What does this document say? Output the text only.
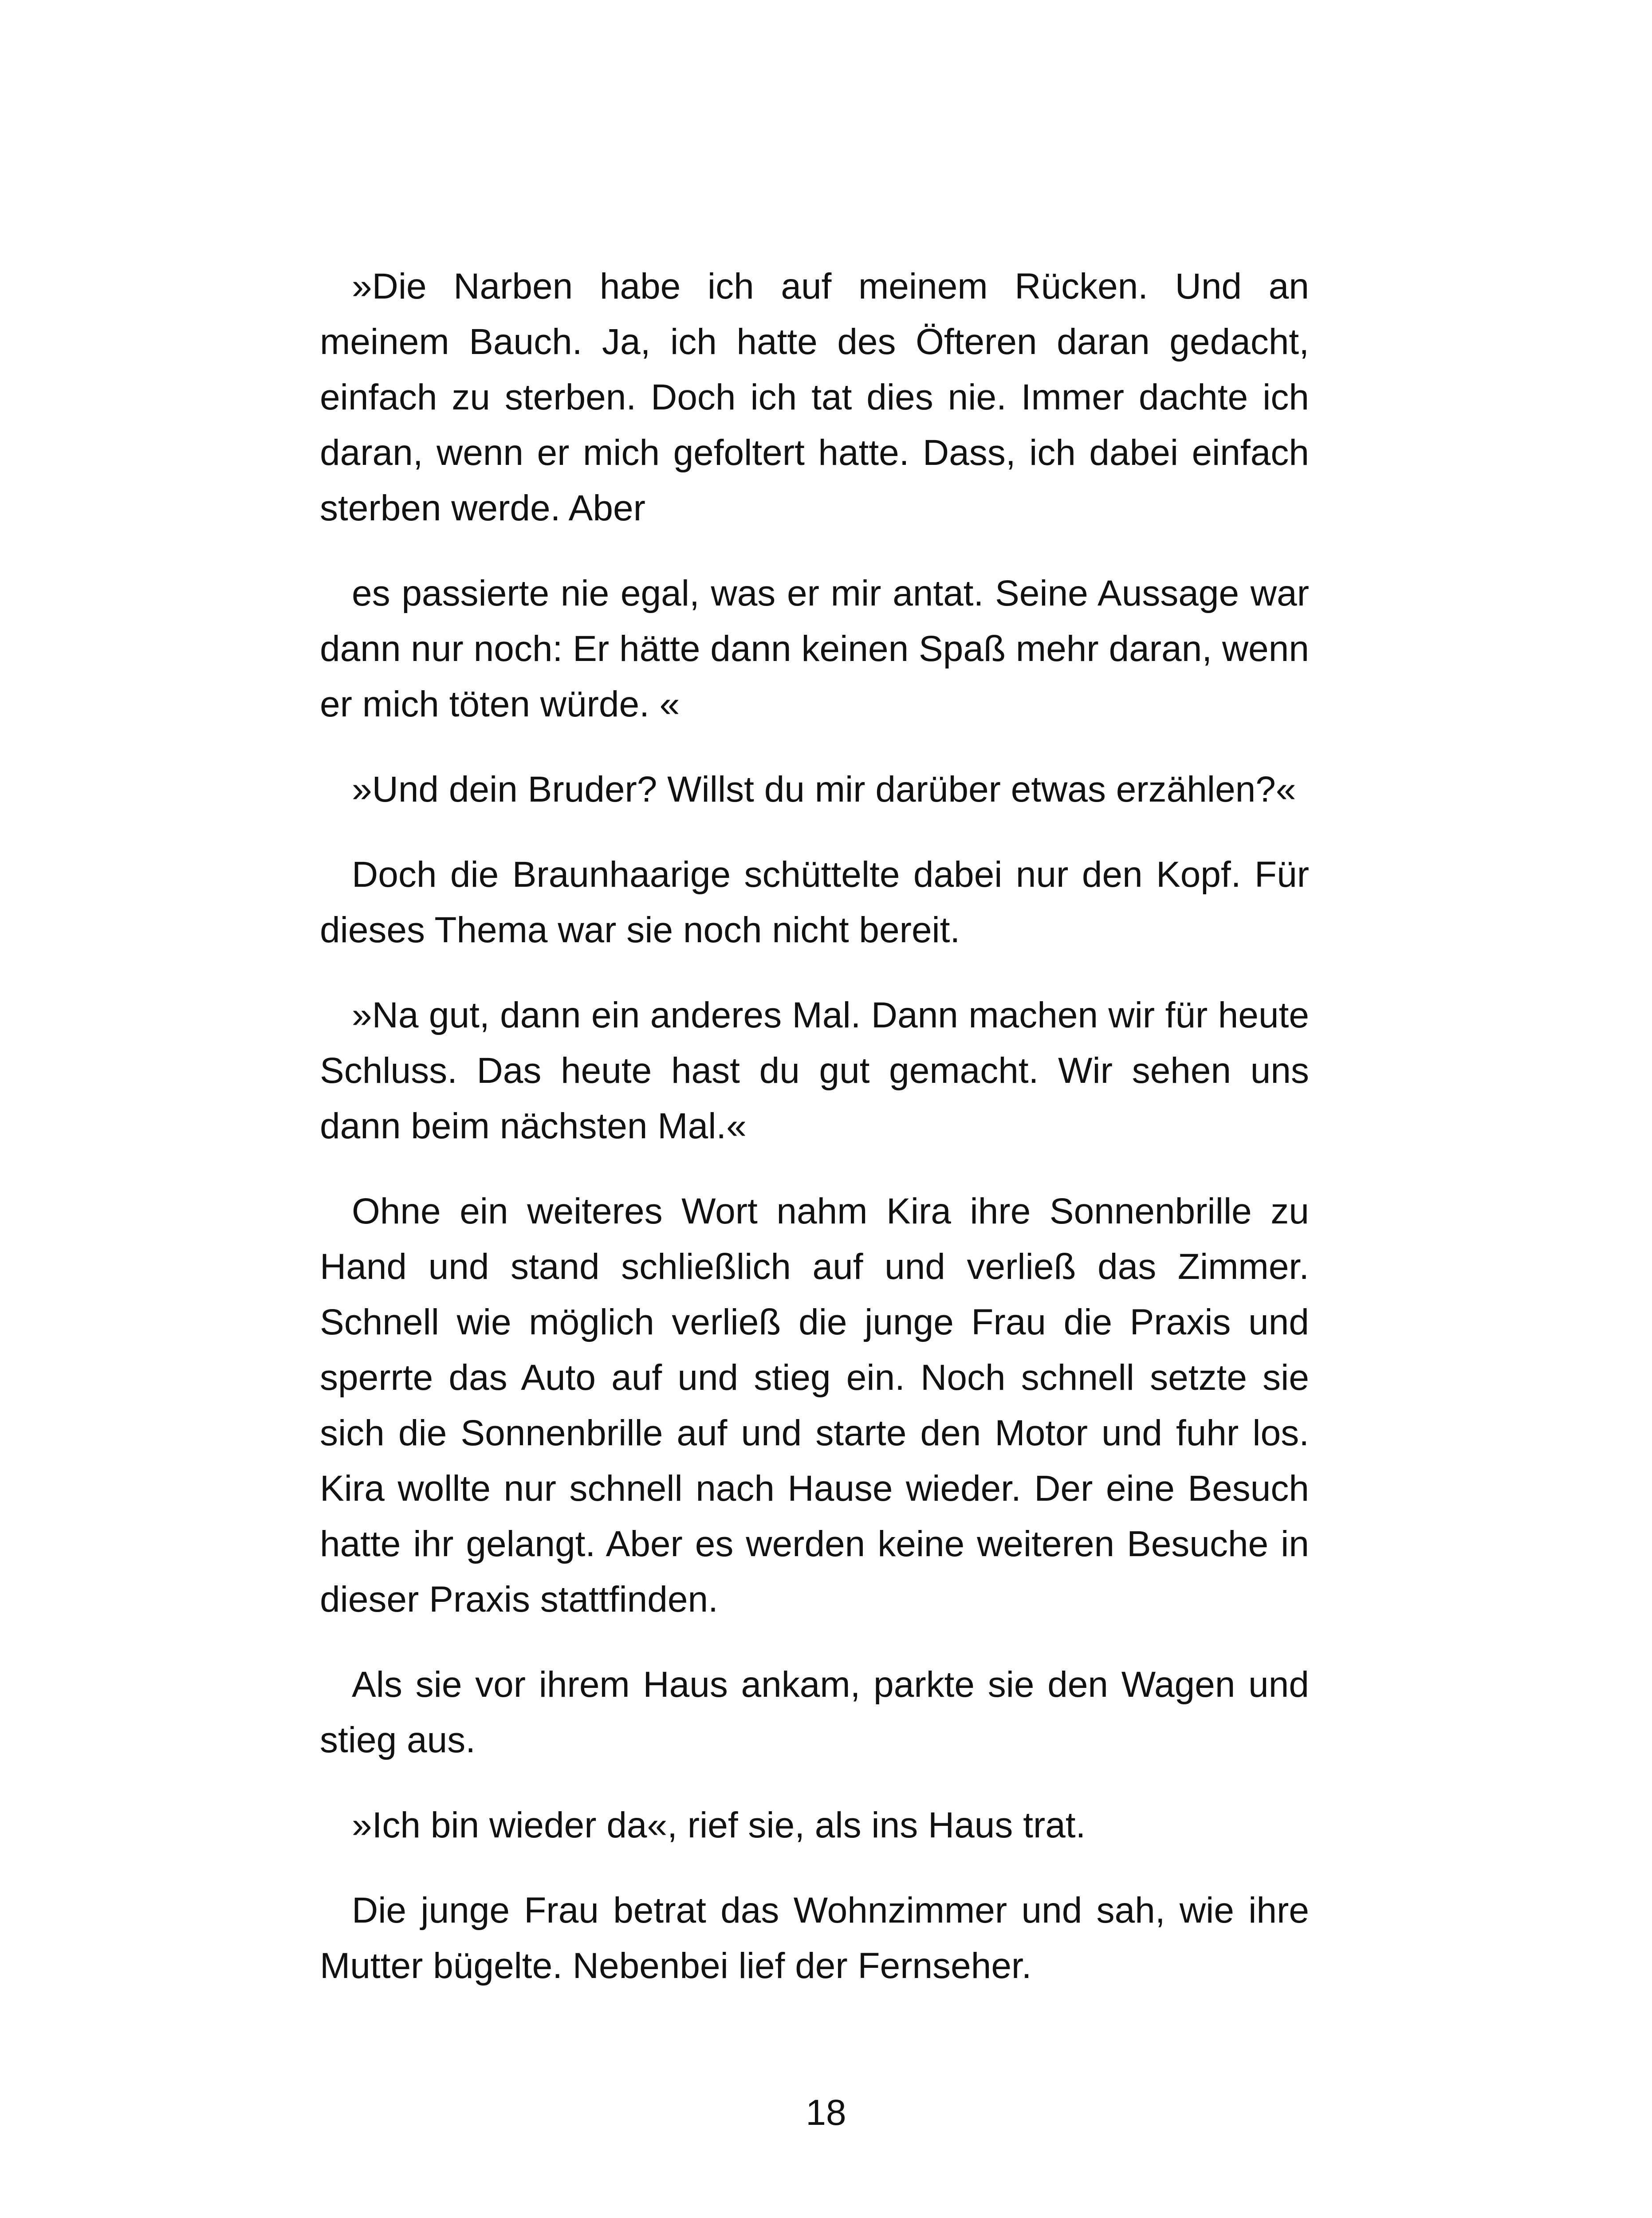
»Die Narben habe ich auf meinem Rücken. Und an meinem Bauch. Ja, ich hatte des Öfteren daran gedacht, einfach zu sterben. Doch ich tat dies nie. Immer dachte ich daran, wenn er mich gefoltert hatte. Dass, ich dabei einfach sterben werde. Aber

es passierte nie egal, was er mir antat. Seine Aussage war dann nur noch: Er hätte dann keinen Spaß mehr daran, wenn er mich töten würde. «

»Und dein Bruder? Willst du mir darüber etwas erzählen?«

Doch die Braunhaarige schüttelte dabei nur den Kopf. Für dieses Thema war sie noch nicht bereit.

»Na gut, dann ein anderes Mal. Dann machen wir für heute Schluss. Das heute hast du gut gemacht. Wir sehen uns dann beim nächsten Mal.«

Ohne ein weiteres Wort nahm Kira ihre Sonnenbrille zu Hand und stand schließlich auf und verließ das Zimmer. Schnell wie möglich verließ die junge Frau die Praxis und sperrte das Auto auf und stieg ein. Noch schnell setzte sie sich die Sonnenbrille auf und starte den Motor und fuhr los. Kira wollte nur schnell nach Hause wieder. Der eine Besuch hatte ihr gelangt. Aber es werden keine weiteren Besuche in dieser Praxis stattfinden.

Als sie vor ihrem Haus ankam, parkte sie den Wagen und stieg aus.

»Ich bin wieder da«, rief sie, als ins Haus trat.

Die junge Frau betrat das Wohnzimmer und sah, wie ihre Mutter bügelte. Nebenbei lief der Fernseher.

18
